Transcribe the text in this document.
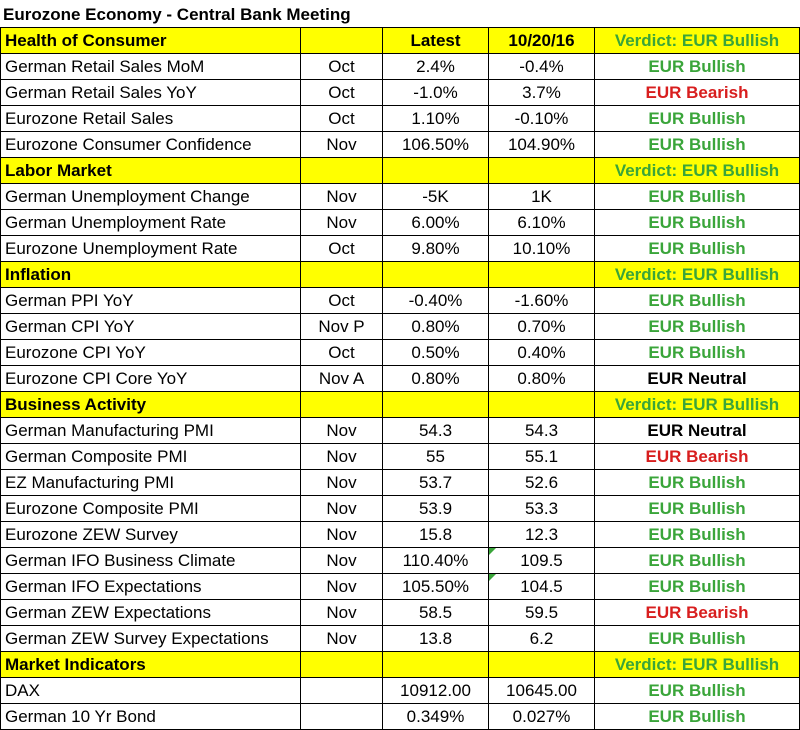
Eurozone Economy - Central Bank Meeting
Health of Consumer		Latest	10/20/16	Verdict: EUR Bullish
German Retail Sales MoM	Oct	2.4%	-0.4%	EUR Bullish
German Retail Sales YoY	Oct	-1.0%	3.7%	EUR Bearish
Eurozone Retail Sales	Oct	1.10%	-0.10%	EUR Bullish
Eurozone Consumer Confidence	Nov	106.50%	104.90%	EUR Bullish
Labor Market				Verdict: EUR Bullish
German Unemployment Change	Nov	-5K	1K	EUR Bullish
German Unemployment Rate	Nov	6.00%	6.10%	EUR Bullish
Eurozone Unemployment Rate	Oct	9.80%	10.10%	EUR Bullish
Inflation				Verdict: EUR Bullish
German PPI YoY	Oct	-0.40%	-1.60%	EUR Bullish
German CPI YoY	Nov P	0.80%	0.70%	EUR Bullish
Eurozone CPI YoY	Oct	0.50%	0.40%	EUR Bullish
Eurozone CPI Core YoY	Nov A	0.80%	0.80%	EUR Neutral
Business Activity				Verdict: EUR Bullish
German Manufacturing PMI	Nov	54.3	54.3	EUR Neutral
German Composite PMI	Nov	55	55.1	EUR Bearish
EZ Manufacturing PMI	Nov	53.7	52.6	EUR Bullish
Eurozone Composite PMI	Nov	53.9	53.3	EUR Bullish
Eurozone ZEW Survey	Nov	15.8	12.3	EUR Bullish
German IFO Business Climate	Nov	110.40%	109.5	EUR Bullish
German IFO Expectations	Nov	105.50%	104.5	EUR Bullish
German ZEW Expectations	Nov	58.5	59.5	EUR Bearish
German ZEW Survey Expectations	Nov	13.8	6.2	EUR Bullish
Market Indicators				Verdict: EUR Bullish
DAX		10912.00	10645.00	EUR Bullish
German 10 Yr Bond		0.349%	0.027%	EUR Bullish
